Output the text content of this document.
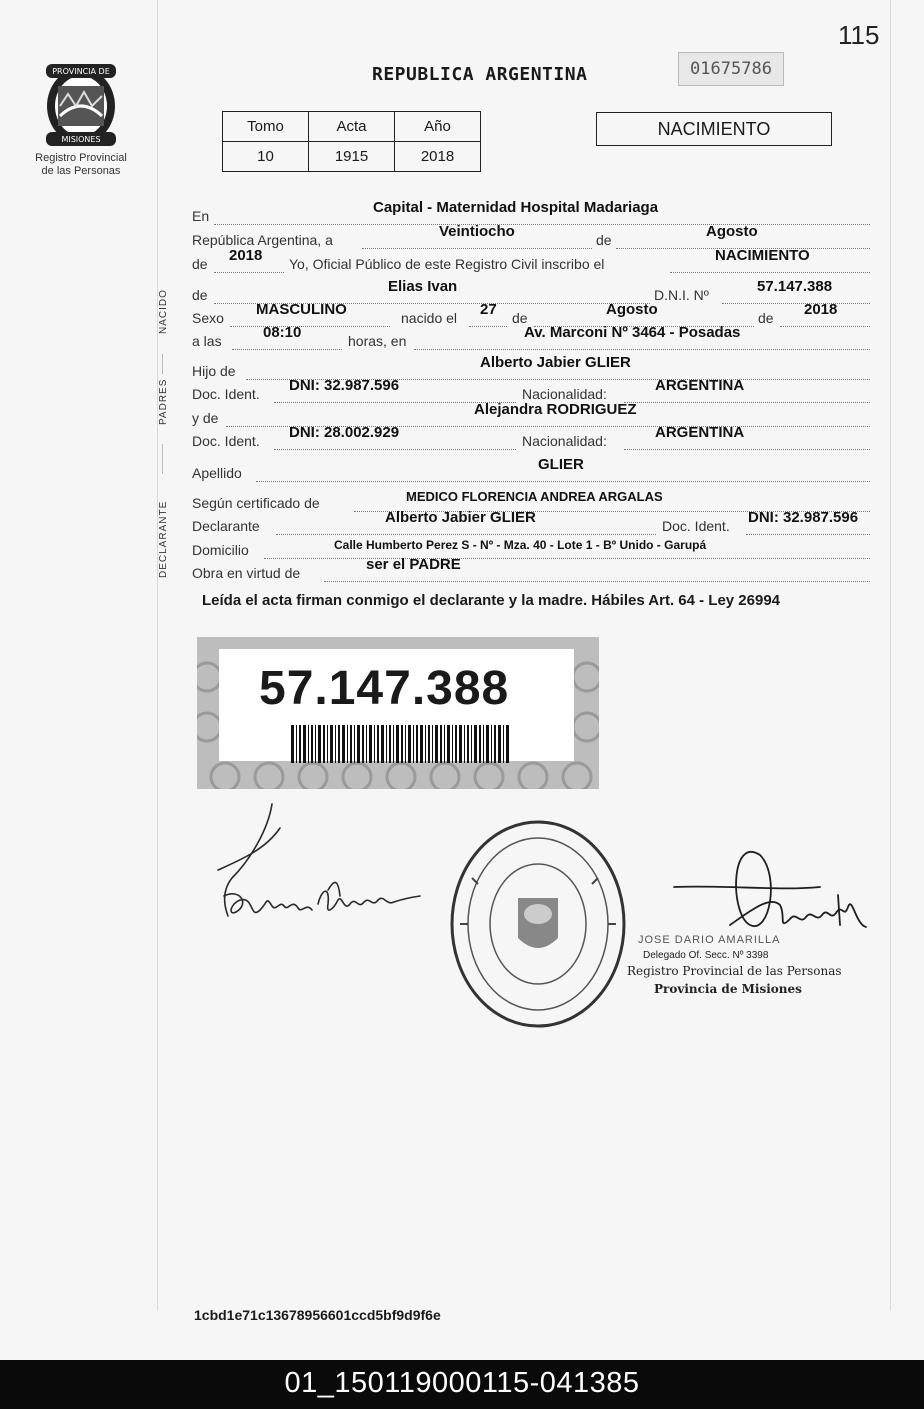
115
PROVINCIA DE
MISIONES
Registro Provincial
de las Personas
REPUBLICA ARGENTINA	01675786
Tomo	Acta	Año
10	1915	2018
NACIMIENTO
NACIDO
PADRES
DECLARANTE
En	Capital - Maternidad Hospital Madariaga
República Argentina, a	Veintiocho	de	Agosto
de 2018 Yo, Oficial Público de este Registro Civil inscribo el	NACIMIENTO
de	Elias Ivan	D.N.I. Nº	57.147.388
Sexo MASCULINO	nacido el 27 de	Agosto	de 2018
a las	08:10	horas, en	Av. Marconi Nº 3464 - Posadas
Hijo de	Alberto Jabier GLIER
Doc. Ident. DNI: 32.987.596	Nacionalidad:	ARGENTINA
y de	Alejandra RODRIGUEZ
Doc. Ident. DNI: 28.002.929	Nacionalidad:	ARGENTINA
Apellido	GLIER
Según certificado de	MEDICO FLORENCIA ANDREA ARGALAS
Declarante	Alberto Jabier GLIER	Doc. Ident. DNI: 32.987.596
Domicilio	Calle Humberto Perez S - Nº - Mza. 40 - Lote 1 - Bº Unido - Garupá
Obra en virtud de	ser el PADRE
Leída el acta firman conmigo el declarante y la madre. Hábiles Art. 64 - Ley 26994
57.147.388
JOSE DARIO AMARILLA
Delegado Of. Secc. Nº 3398
Registro Provincial de las Personas
Provincia de Misiones
1cbd1e71c13678956601ccd5bf9d9f6e
01_150119000115-041385
